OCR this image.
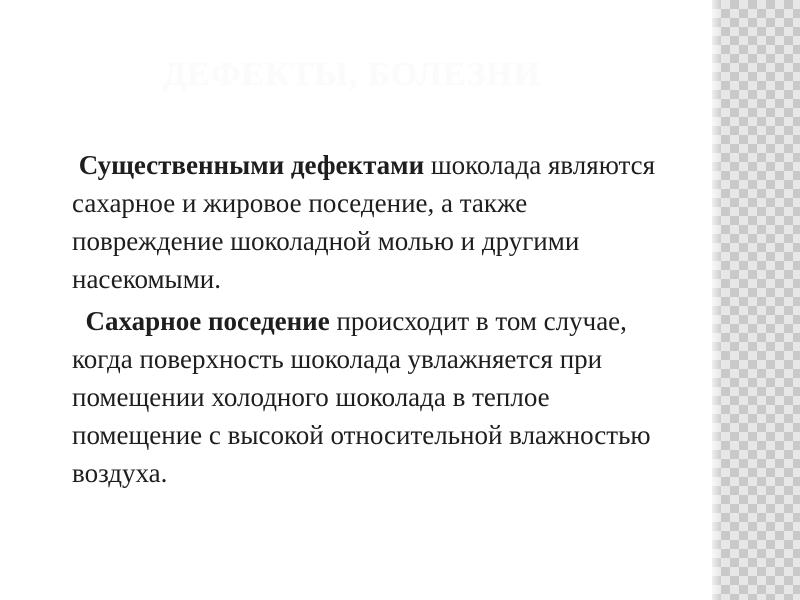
ДЕФЕКТЫ, БОЛЕЗНИ

Существенными дефектами шоколада являются сахарное и жировое поседение, а также повреждение шоколадной молью и другими насекомыми.

Сахарное поседение происходит в том случае, когда поверхность шоколада увлажняется при помещении холодного шоколада в теплое помещение с высокой относительной влажностью воздуха.
